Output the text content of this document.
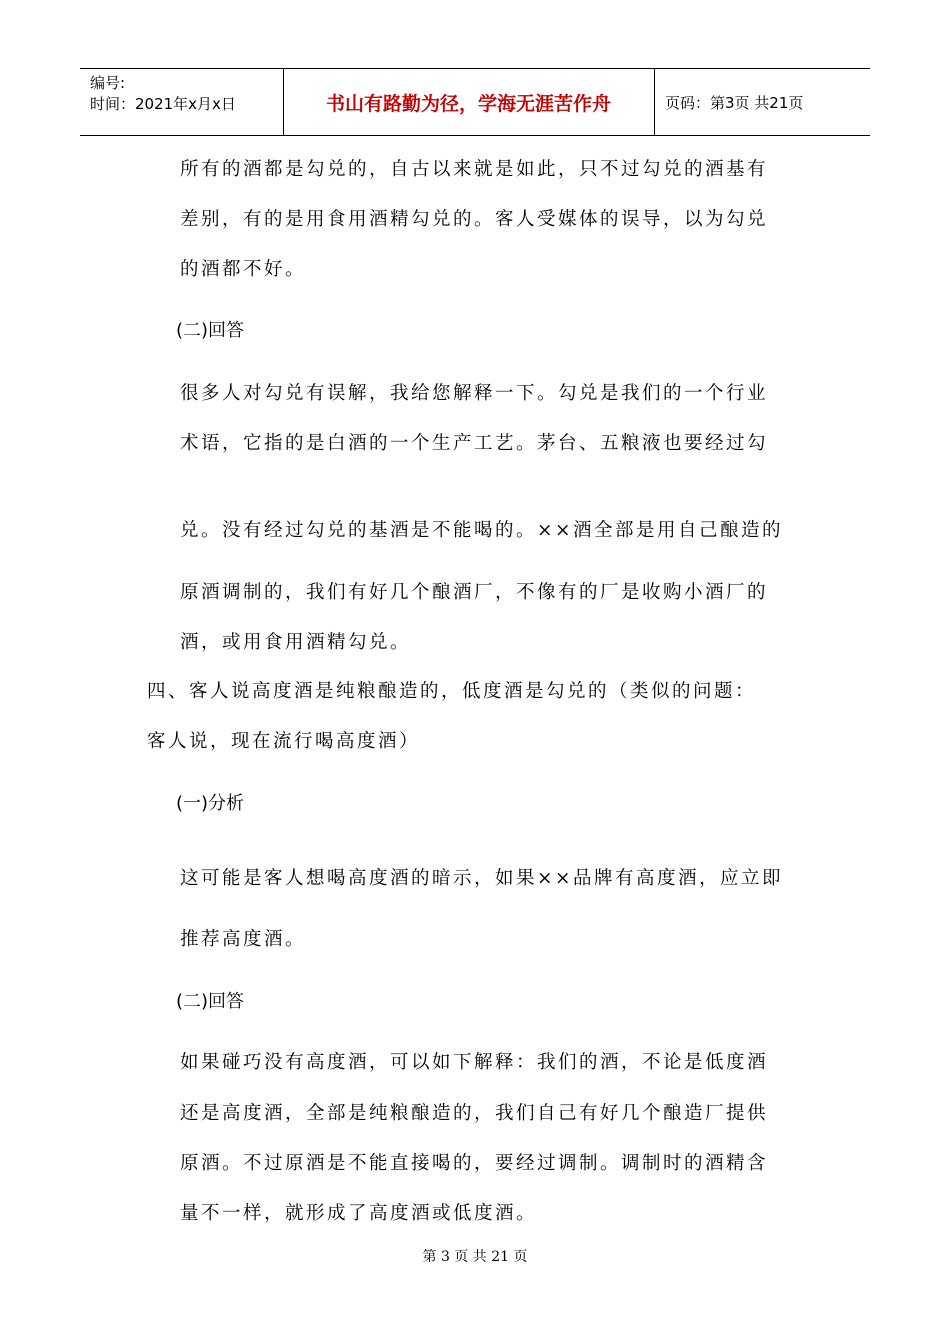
编号:
时间：2021年x月x日	书山有路勤为径，学海无涯苦作舟	页码：第3页 共21页
所有的酒都是勾兑的，自古以来就是如此，只不过勾兑的酒基有
差别，有的是用食用酒精勾兑的。客人受媒体的误导，以为勾兑
的酒都不好。
(二)回答
很多人对勾兑有误解，我给您解释一下。勾兑是我们的一个行业
术语，它指的是白酒的一个生产工艺。茅台、五粮液也要经过勾
兑。没有经过勾兑的基酒是不能喝的。××酒全部是用自己酿造的
原酒调制的，我们有好几个酿酒厂，不像有的厂是收购小酒厂的
酒，或用食用酒精勾兑。
四、客人说高度酒是纯粮酿造的，低度酒是勾兑的（类似的问题：
客人说，现在流行喝高度酒）
(一)分析
这可能是客人想喝高度酒的暗示，如果××品牌有高度酒，应立即
推荐高度酒。
(二)回答
如果碰巧没有高度酒，可以如下解释：我们的酒，不论是低度酒
还是高度酒，全部是纯粮酿造的，我们自己有好几个酿造厂提供
原酒。不过原酒是不能直接喝的，要经过调制。调制时的酒精含
量不一样，就形成了高度酒或低度酒。
第 3 页 共 21 页
